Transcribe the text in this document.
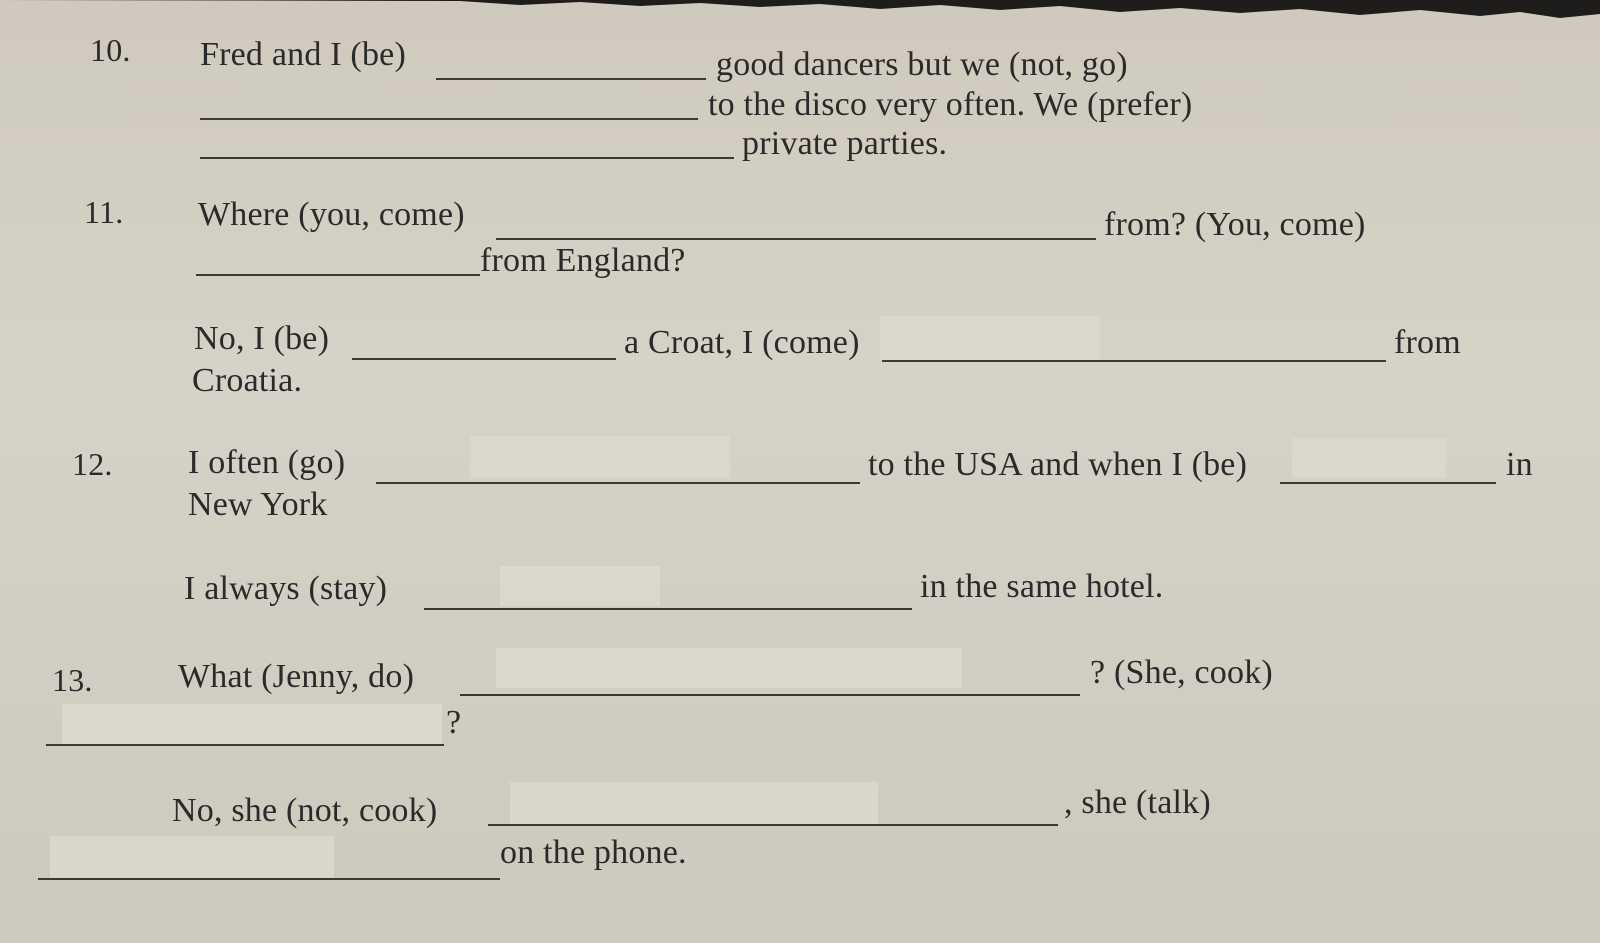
10. Fred and I (be)	good dancers but we (not, go)
to the disco very often. We (prefer)
private parties.
11. Where (you, come)	from? (You, come)
from England?
No, I (be)	a Croat, I (come)	from
Croatia.
12. I often (go)	to the USA and when I (be)	in
New York
I always (stay)	in the same hotel.
13.	What (Jenny, do)	? (She, cook)
?
No, she (not, cook)	, she (talk)
on the phone.
